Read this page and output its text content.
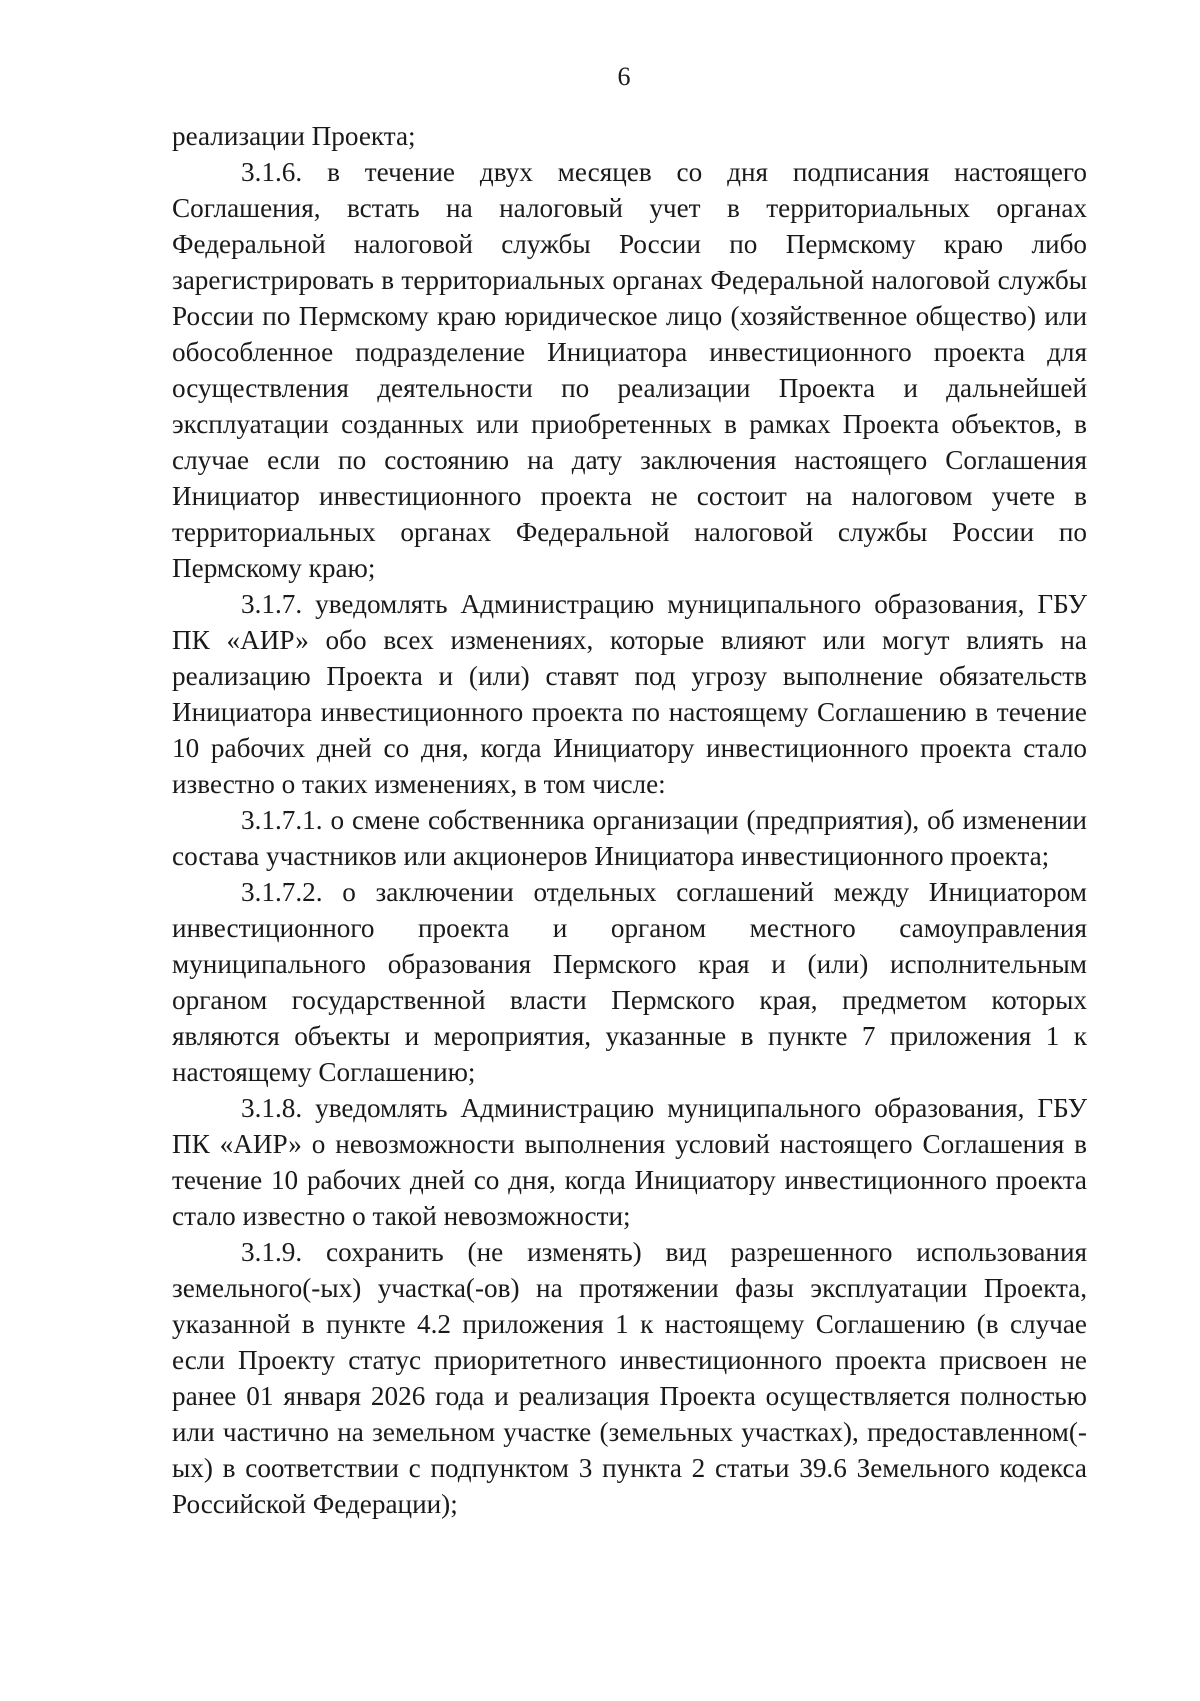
6

реализации Проекта;

3.1.6. в течение двух месяцев со дня подписания настоящего Соглашения, встать на налоговый учет в территориальных органах Федеральной налоговой службы России по Пермскому краю либо зарегистрировать в территориальных органах Федеральной налоговой службы России по Пермскому краю юридическое лицо (хозяйственное общество) или обособленное подразделение Инициатора инвестиционного проекта для осуществления деятельности по реализации Проекта и дальнейшей эксплуатации созданных или приобретенных в рамках Проекта объектов, в случае если по состоянию на дату заключения настоящего Соглашения Инициатор инвестиционного проекта не состоит на налоговом учете в территориальных органах Федеральной налоговой службы России по Пермскому краю;

3.1.7. уведомлять Администрацию муниципального образования, ГБУ ПК «АИР» обо всех изменениях, которые влияют или могут влиять на реализацию Проекта и (или) ставят под угрозу выполнение обязательств Инициатора инвестиционного проекта по настоящему Соглашению в течение 10 рабочих дней со дня, когда Инициатору инвестиционного проекта стало известно о таких изменениях, в том числе:

3.1.7.1. о смене собственника организации (предприятия), об изменении состава участников или акционеров Инициатора инвестиционного проекта;

3.1.7.2. о заключении отдельных соглашений между Инициатором инвестиционного проекта и органом местного самоуправления муниципального образования Пермского края и (или) исполнительным органом государственной власти Пермского края, предметом которых являются объекты и мероприятия, указанные в пункте 7 приложения 1 к настоящему Соглашению;

3.1.8. уведомлять Администрацию муниципального образования, ГБУ ПК «АИР» о невозможности выполнения условий настоящего Соглашения в течение 10 рабочих дней со дня, когда Инициатору инвестиционного проекта стало известно о такой невозможности;

3.1.9. сохранить (не изменять) вид разрешенного использования земельного(-ых) участка(-ов) на протяжении фазы эксплуатации Проекта, указанной в пункте 4.2 приложения 1 к настоящему Соглашению (в случае если Проекту статус приоритетного инвестиционного проекта присвоен не ранее 01 января 2026 года и реализация Проекта осуществляется полностью или частично на земельном участке (земельных участках), предоставленном(-ых) в соответствии с подпунктом 3 пункта 2 статьи 39.6 Земельного кодекса Российской Федерации);
